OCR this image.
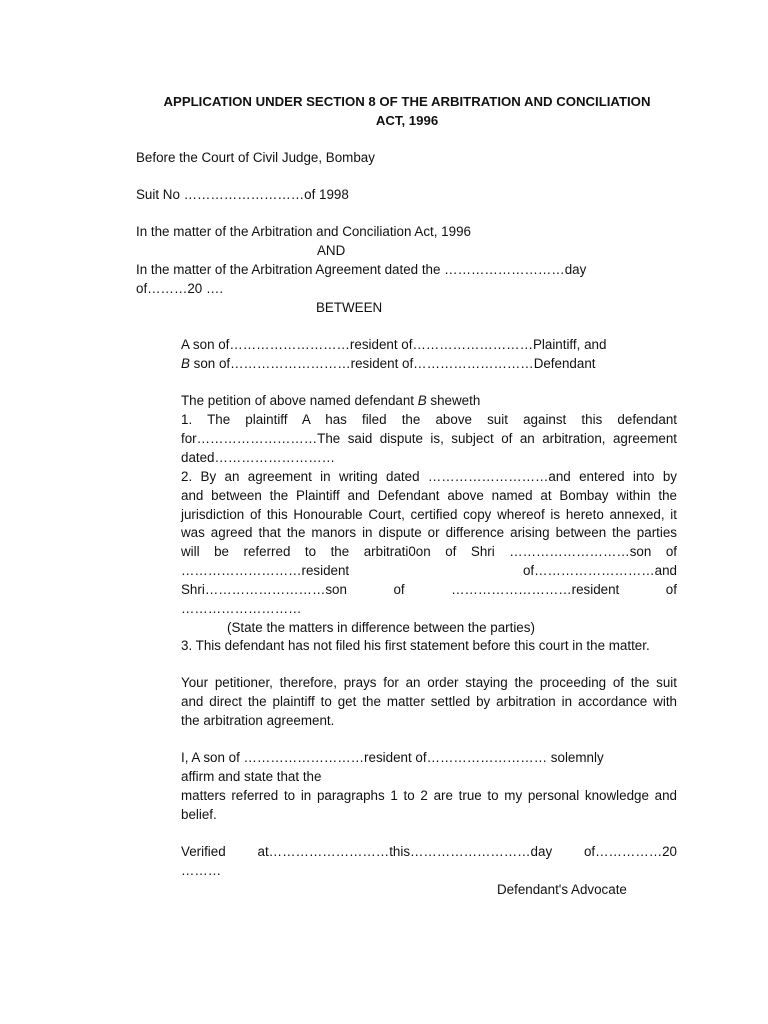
APPLICATION UNDER SECTION 8 OF THE ARBITRATION AND CONCILIATION
ACT, 1996
Before the Court of Civil Judge, Bombay
Suit No ………………………of 1998
In the matter of the Arbitration and Conciliation Act, 1996
AND
In the matter of the Arbitration Agreement dated the ………………………day
of………20 ….
BETWEEN
A son of………………………resident of………………………Plaintiff, and
B son of………………………resident of………………………Defendant
The petition of above named defendant B sheweth
1. The plaintiff A has filed the above suit against this defendant
for………………………The said dispute is, subject of an arbitration, agreement
dated………………………
2. By an agreement in writing dated ………………………and entered into by
and between the Plaintiff and Defendant above named at Bombay within the
jurisdiction of this Honourable Court, certified copy whereof is hereto annexed, it
was agreed that the manors in dispute or difference arising between the parties
will be referred to the arbitrati0on of Shri ………………………son of
………………………resident	of………………………and
Shri………………………son	of	………………………resident	of
………………………
(State the matters in difference between the parties)
3. This defendant has not filed his first statement before this court in the matter.
Your petitioner, therefore, prays for an order staying the proceeding of the suit
and direct the plaintiff to get the matter settled by arbitration in accordance with
the arbitration agreement.
I, A son of ………………………resident of……………………… solemnly
affirm and state that the
matters referred to in paragraphs 1 to 2 are true to my personal knowledge and
belief.
Verified at………………………this………………………day of……………20
………
Defendant's Advocate
